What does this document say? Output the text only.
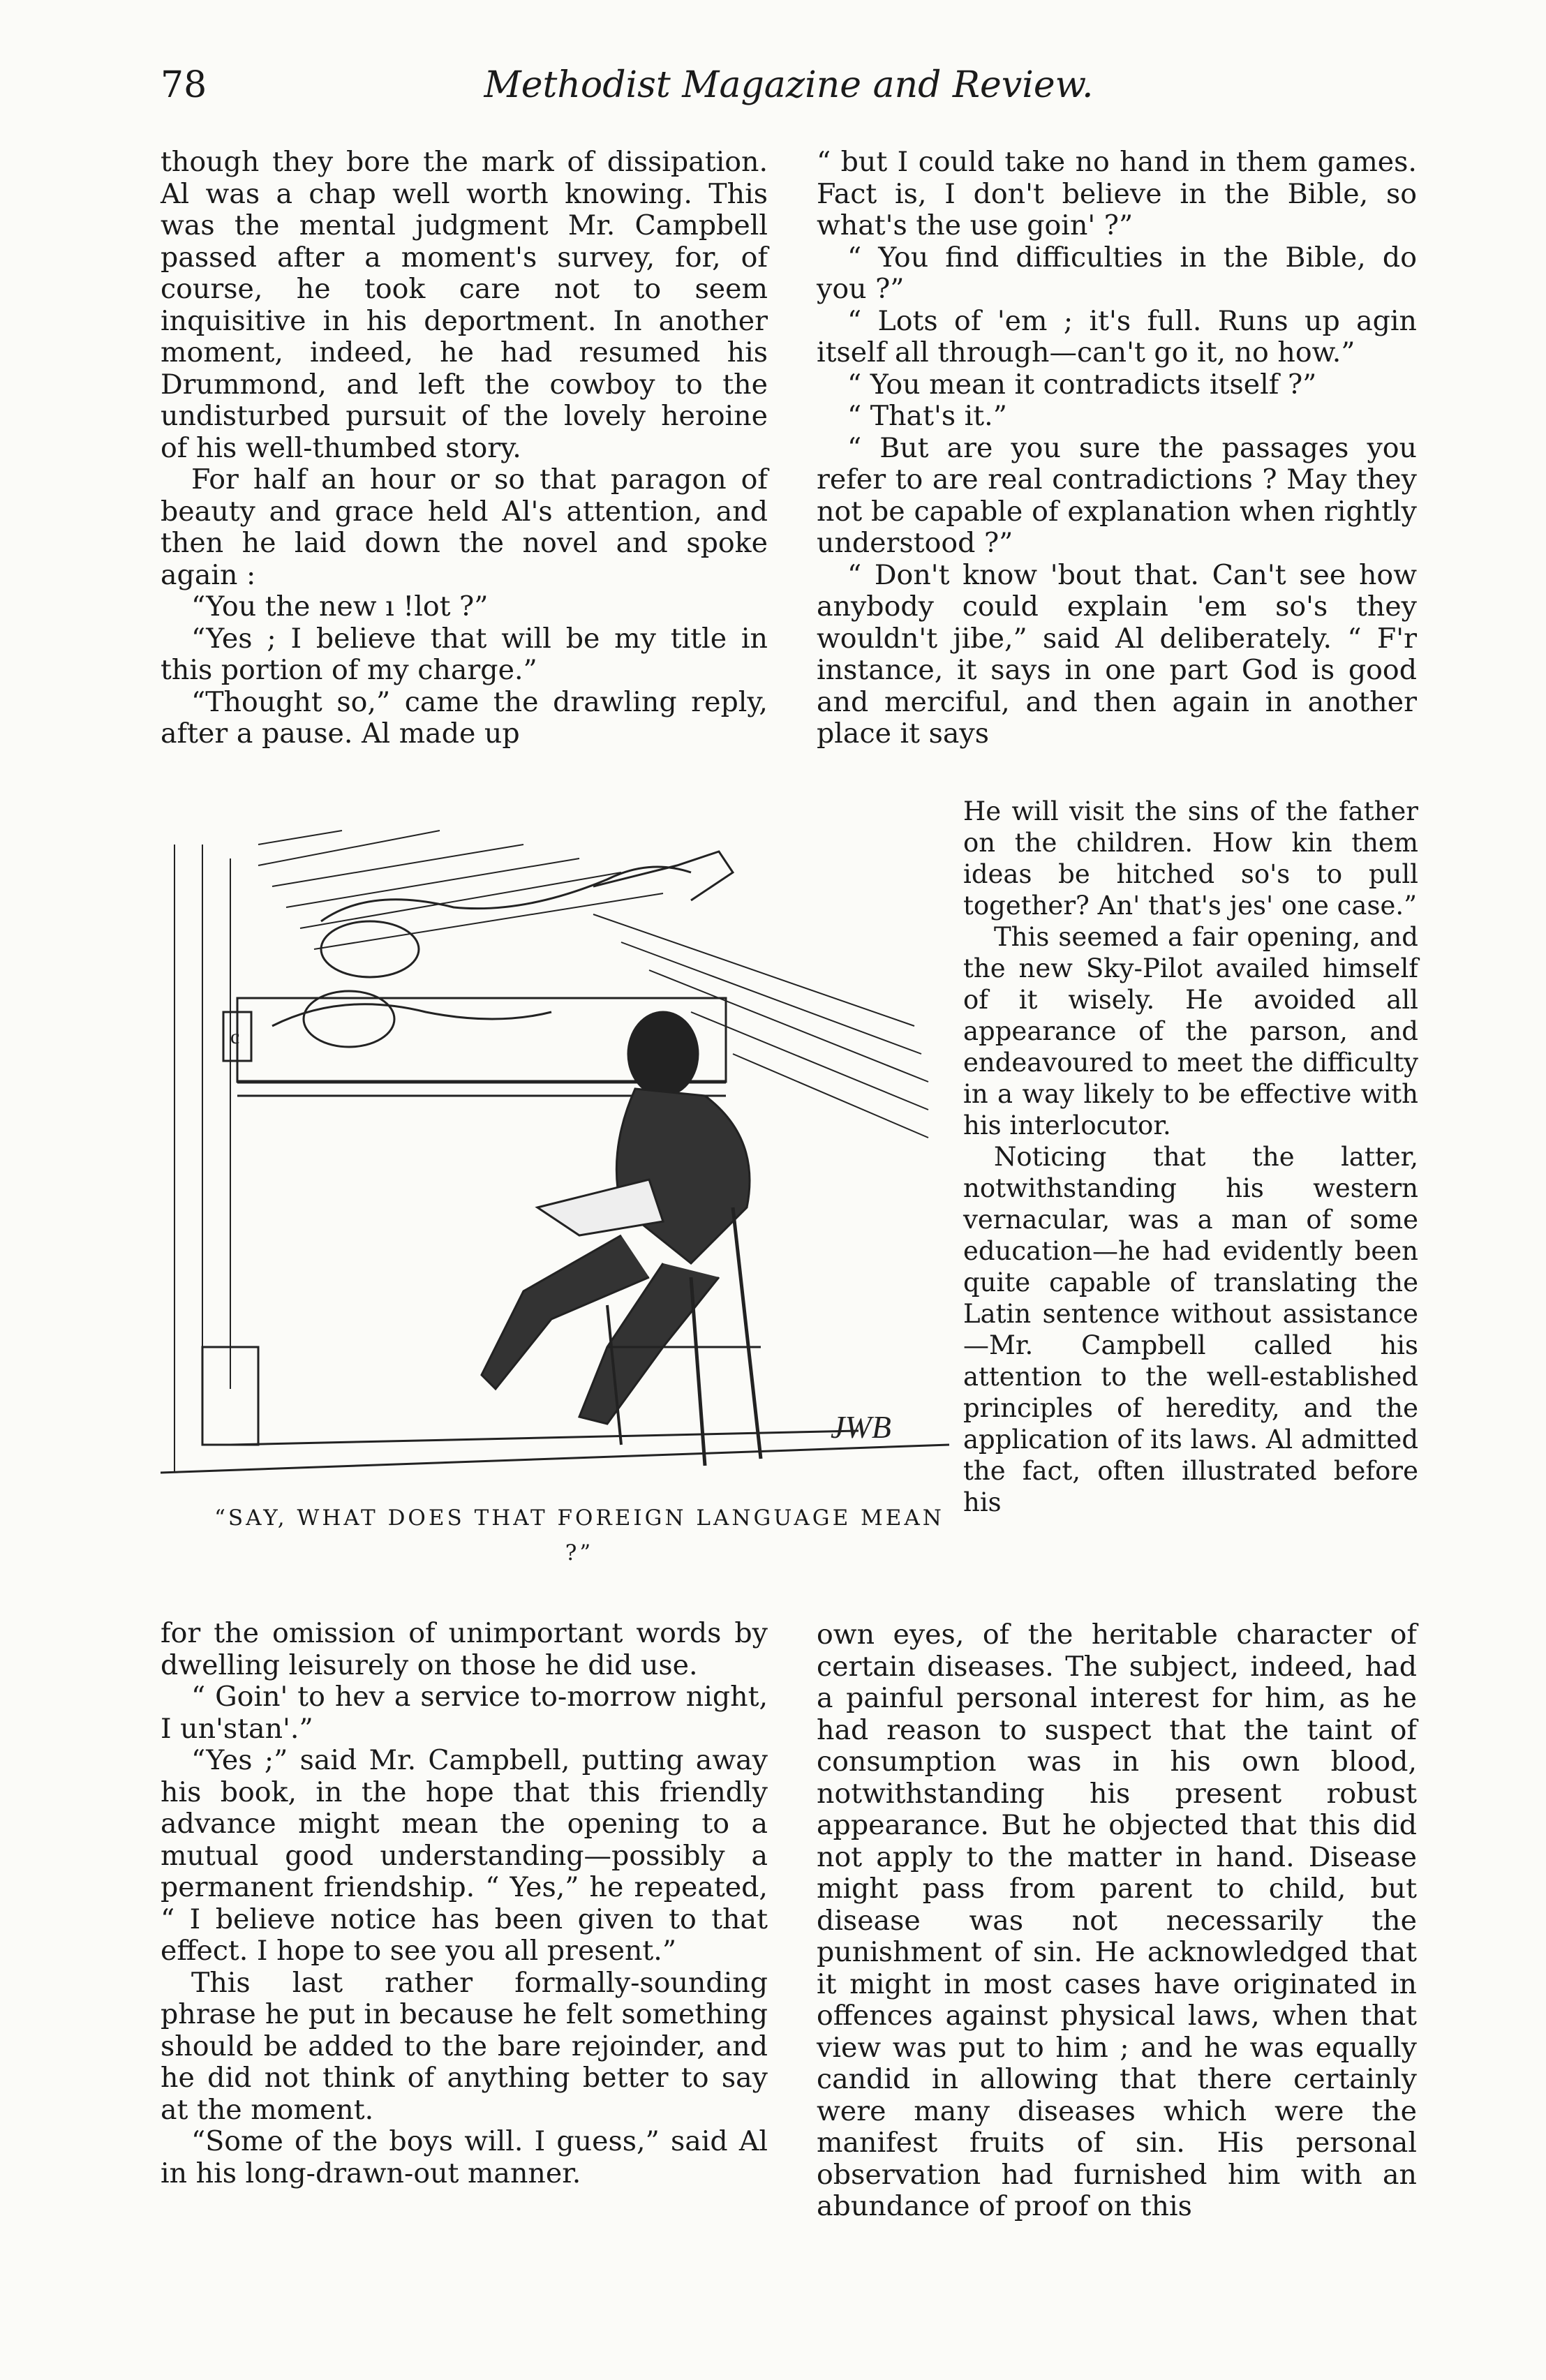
78	Methodist Magazine and Review.

though they bore the mark of dissipation. Al was a chap well worth knowing. This was the mental judgment Mr. Campbell passed after a moment's survey, for, of course, he took care not to seem inquisitive in his deportment. In another moment, indeed, he had resumed his Drummond, and left the cowboy to the undisturbed pursuit of the lovely heroine of his well-thumbed story.

For half an hour or so that paragon of beauty and grace held Al's attention, and then he laid down the novel and spoke again :

“You the new ı !lot ?”

“Yes ; I believe that will be my title in this portion of my charge.”

“Thought so,” came the drawling reply, after a pause. Al made up

c
JWB
“SAY, WHAT DOES THAT FOREIGN LANGUAGE MEAN ?”

for the omission of unimportant words by dwelling leisurely on those he did use.

“ Goin' to hev a service to-morrow night, I un'stan'.”

“Yes ;” said Mr. Campbell, putting away his book, in the hope that this friendly advance might mean the opening to a mutual good understanding—possibly a permanent friendship. “ Yes,” he repeated, “ I believe notice has been given to that effect. I hope to see you all present.”

This last rather formally-sounding phrase he put in because he felt something should be added to the bare rejoinder, and he did not think of anything better to say at the moment.

“Some of the boys will. I guess,” said Al in his long-drawn-out manner.

“ but I could take no hand in them games. Fact is, I don't believe in the Bible, so what's the use goin' ?”

“ You find difficulties in the Bible, do you ?”

“ Lots of 'em ; it's full. Runs up agin itself all through—can't go it, no how.”

“ You mean it contradicts itself ?”

“ That's it.”

“ But are you sure the passages you refer to are real contradictions ? May they not be capable of explanation when rightly understood ?”

“ Don't know 'bout that. Can't see how anybody could explain 'em so's they wouldn't jibe,” said Al deliberately. “ F'r instance, it says in one part God is good and merciful, and then again in another place it says

He will visit the sins of the father on the children. How kin them ideas be hitched so's to pull together? An' that's jes' one case.”

This seemed a fair opening, and the new Sky-Pilot availed himself of it wisely. He avoided all appearance of the parson, and endeavoured to meet the difficulty in a way likely to be effective with his interlocutor.

Noticing that the latter, notwithstanding his western vernacular, was a man of some education—he had evidently been quite capable of translating the Latin sentence without assistance—Mr. Campbell called his attention to the well-established principles of heredity, and the application of its laws. Al admitted the fact, often illustrated before his

own eyes, of the heritable character of certain diseases. The subject, indeed, had a painful personal interest for him, as he had reason to suspect that the taint of consumption was in his own blood, notwithstanding his present robust appearance. But he objected that this did not apply to the matter in hand. Disease might pass from parent to child, but disease was not necessarily the punishment of sin. He acknowledged that it might in most cases have originated in offences against physical laws, when that view was put to him ; and he was equally candid in allowing that there certainly were many diseases which were the manifest fruits of sin. His personal observation had furnished him with an abundance of proof on this
